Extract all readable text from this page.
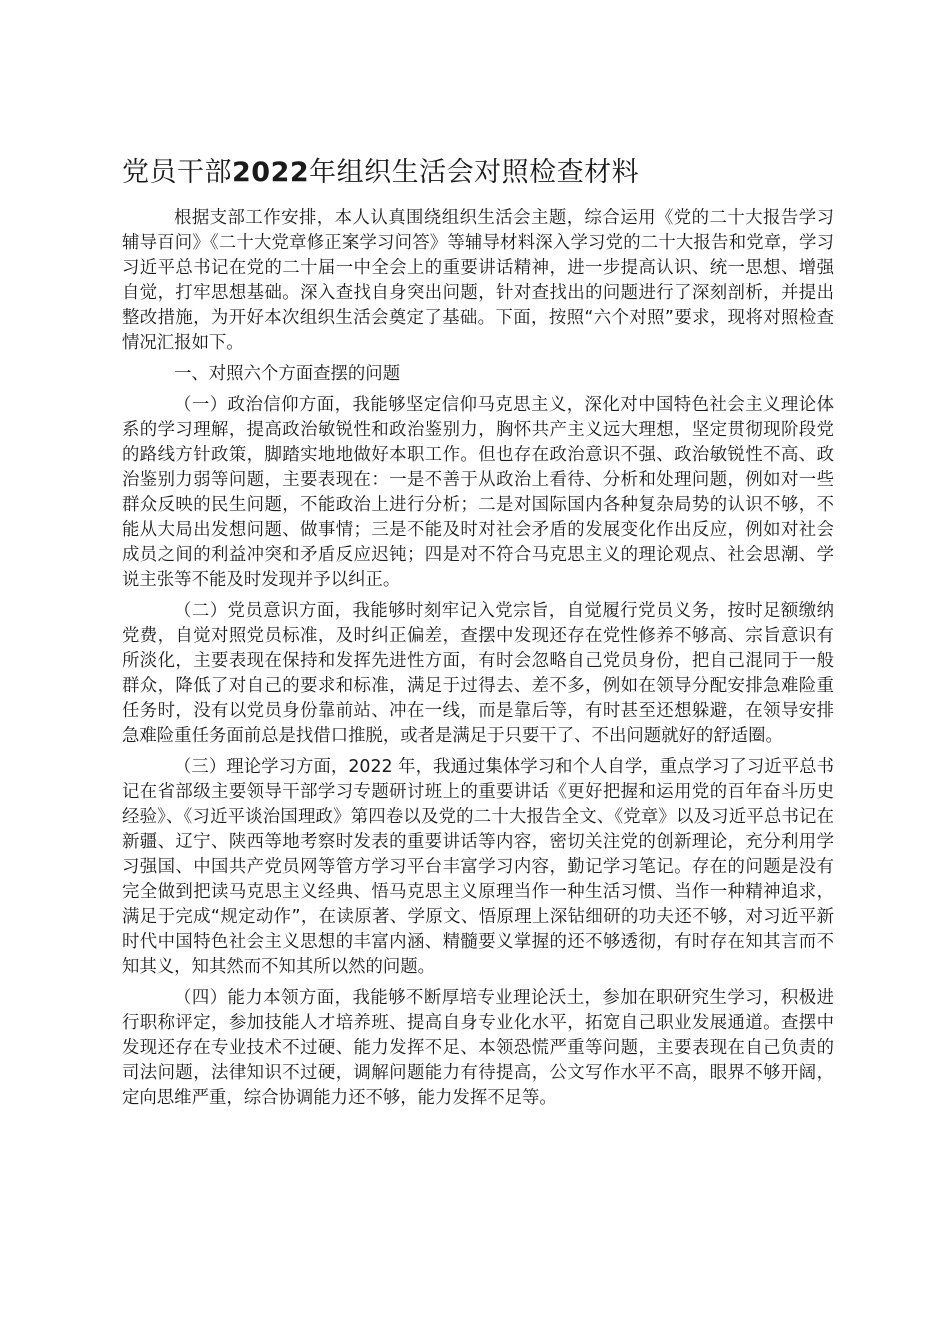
党员干部2022年组织生活会对照检查材料

根据支部工作安排，本人认真围绕组织生活会主题，综合运用《党的二十大报告学习辅导百问》《二十大党章修正案学习问答》等辅导材料深入学习党的二十大报告和党章，学习习近平总书记在党的二十届一中全会上的重要讲话精神，进一步提高认识、统一思想、增强自觉，打牢思想基础。深入查找自身突出问题，针对查找出的问题进行了深刻剖析，并提出整改措施，为开好本次组织生活会奠定了基础。下面，按照“六个对照”要求，现将对照检查情况汇报如下。

一、对照六个方面查摆的问题

（一）政治信仰方面，我能够坚定信仰马克思主义，深化对中国特色社会主义理论体系的学习理解，提高政治敏锐性和政治鉴别力，胸怀共产主义远大理想，坚定贯彻现阶段党的路线方针政策，脚踏实地地做好本职工作。但也存在政治意识不强、政治敏锐性不高、政治鉴别力弱等问题，主要表现在：一是不善于从政治上看待、分析和处理问题，例如对一些群众反映的民生问题，不能政治上进行分析；二是对国际国内各种复杂局势的认识不够，不能从大局出发想问题、做事情；三是不能及时对社会矛盾的发展变化作出反应，例如对社会成员之间的利益冲突和矛盾反应迟钝；四是对不符合马克思主义的理论观点、社会思潮、学说主张等不能及时发现并予以纠正。

（二）党员意识方面，我能够时刻牢记入党宗旨，自觉履行党员义务，按时足额缴纳党费，自觉对照党员标准，及时纠正偏差，查摆中发现还存在党性修养不够高、宗旨意识有所淡化，主要表现在保持和发挥先进性方面，有时会忽略自己党员身份，把自己混同于一般群众，降低了对自己的要求和标准，满足于过得去、差不多，例如在领导分配安排急难险重任务时，没有以党员身份靠前站、冲在一线，而是靠后等，有时甚至还想躲避，在领导安排急难险重任务面前总是找借口推脱，或者是满足于只要干了、不出问题就好的舒适圈。

（三）理论学习方面，2022 年，我通过集体学习和个人自学，重点学习了习近平总书记在省部级主要领导干部学习专题研讨班上的重要讲话《更好把握和运用党的百年奋斗历史经验》、《习近平谈治国理政》第四卷以及党的二十大报告全文、《党章》以及习近平总书记在新疆、辽宁、陕西等地考察时发表的重要讲话等内容，密切关注党的创新理论，充分利用学习强国、中国共产党员网等管方学习平台丰富学习内容，勤记学习笔记。存在的问题是没有完全做到把读马克思主义经典、悟马克思主义原理当作一种生活习惯、当作一种精神追求，满足于完成“规定动作”，在读原著、学原文、悟原理上深钻细研的功夫还不够，对习近平新时代中国特色社会主义思想的丰富内涵、精髓要义掌握的还不够透彻，有时存在知其言而不知其义，知其然而不知其所以然的问题。

（四）能力本领方面，我能够不断厚培专业理论沃土，参加在职研究生学习，积极进行职称评定，参加技能人才培养班、提高自身专业化水平，拓宽自己职业发展通道。查摆中发现还存在专业技术不过硬、能力发挥不足、本领恐慌严重等问题，主要表现在自己负责的司法问题，法律知识不过硬，调解问题能力有待提高，公文写作水平不高，眼界不够开阔，定向思维严重，综合协调能力还不够，能力发挥不足等。
